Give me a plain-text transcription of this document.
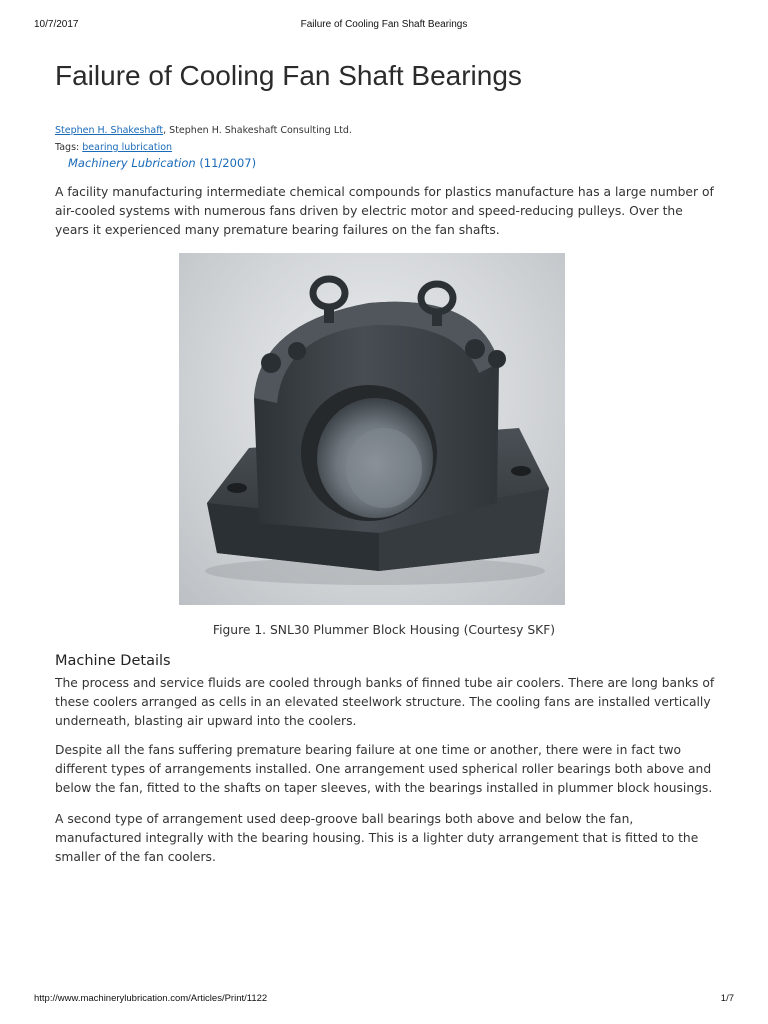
10/7/2017	Failure of Cooling Fan Shaft Bearings
Failure of Cooling Fan Shaft Bearings
Stephen H. Shakeshaft, Stephen H. Shakeshaft Consulting Ltd.
Tags: bearing lubrication
Machinery Lubrication (11/2007)

A facility manufacturing intermediate chemical compounds for plastics manufacture has a large number of air-cooled systems with numerous fans driven by electric motor and speed-reducing pulleys. Over the years it experienced many premature bearing failures on the fan shafts.

Figure 1. SNL30 Plummer Block Housing (Courtesy SKF)
Machine Details

The process and service fluids are cooled through banks of finned tube air coolers. There are long banks of these coolers arranged as cells in an elevated steelwork structure. The cooling fans are installed vertically underneath, blasting air upward into the coolers.

Despite all the fans suffering premature bearing failure at one time or another, there were in fact two different types of arrangements installed. One arrangement used spherical roller bearings both above and below the fan, fitted to the shafts on taper sleeves, with the bearings installed in plummer block housings.

A second type of arrangement used deep-groove ball bearings both above and below the fan, manufactured integrally with the bearing housing. This is a lighter duty arrangement that is fitted to the smaller of the fan coolers.

http://www.machinerylubrication.com/Articles/Print/1122	1/7
